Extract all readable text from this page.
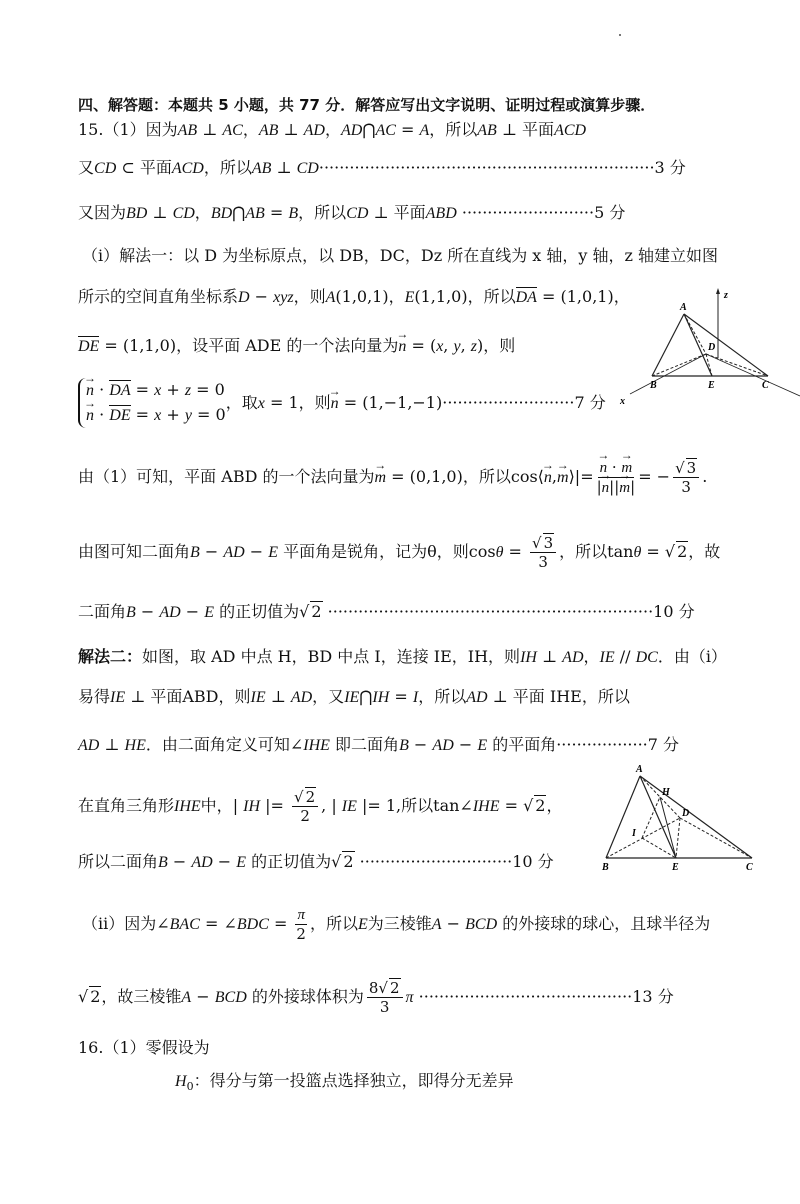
四、解答题：本题共 5 小题，共 77 分．解答应写出文字说明、证明过程或演算步骤．
15.（1）因为AB ⊥ AC，AB ⊥ AD，AD⋂AC = A，所以AB ⊥ 平面ACD
又CD ⊂ 平面ACD，所以AB ⊥ CD··································································3 分
又因为BD ⊥ CD，BD⋂AB = B，所以CD ⊥ 平面ABD ··························5 分
（i）解法一：以 D 为坐标原点，以 DB，DC，Dz 所在直线为 x 轴，y 轴，z 轴建立如图
所示的空间直角坐标系D − xyz，则A(1,0,1)，E(1,1,0)，所以DA = (1,0,1)，
DE = (1,1,0)，设平面 ADE 的一个法向量为→ n = (x, y, z)，则
→ n · DA = x + z = 0
→ n · DE = x + y = 0
，取x = 1，则→ n = (1,−1,−1)··························7 分
A
D
B	E	C
x
z
由（1）可知，平面 ABD 的一个法向量为→ m = (0,1,0)，所以cos⟨→ n,→ m⟩|= → $\frac{n \cdot \to m}{|\to n||\to m|}$ = − $\frac{√ 3}{3}$ .
由图可知二面角B − AD − E 平面角是锐角，记为θ，则$\cos\theta = \frac{√ 3}{3}$ ，所以tanθ = √ 2，故
二面角B − AD − E 的正切值为√ 2 ································································10 分
解法二：如图，取 AD 中点 H，BD 中点 I，连接 IE，IH，则IH ⊥ AD，IE // DC．由（i）
易得IE ⊥ 平面ABD，则IE ⊥ AD，又IE⋂IH = I，所以AD ⊥ 平面 IHE，所以
AD ⊥ HE．由二面角定义可知∠IHE 即二面角B − AD − E 的平面角··················7 分
在直角三角形IHE中，| IH |= $\frac{√ 2}{2}$ , | IE |= 1,所以tan∠IHE = √ 2，
所以二面角B − AD − E 的正切值为√ 2 ······························10 分
A
H
D
I
B	E	C
（ii）因为∠BAC = ∠BDC = $\frac{\pi}{2}$ ，所以E为三棱锥A − BCD 的外接球的球心，且球半径为
√ 2，故三棱锥A − BCD 的外接球体积为 $\frac{8√ 2}{3}$ π ··········································13 分
16.（1）零假设为
$H_0$：得分与第一投篮点选择独立，即得分无差异
